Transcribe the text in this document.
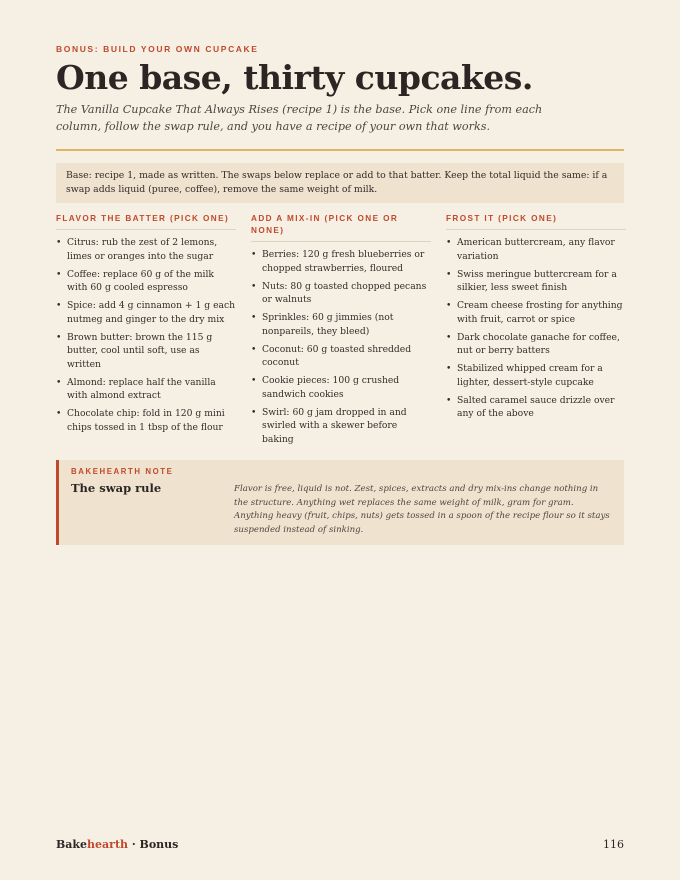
BONUS: BUILD YOUR OWN CUPCAKE
One base, thirty cupcakes.
The Vanilla Cupcake That Always Rises (recipe 1) is the base. Pick one line from each column, follow the swap rule, and you have a recipe of your own that works.
Base: recipe 1, made as written. The swaps below replace or add to that batter. Keep the total liquid the same: if a swap adds liquid (puree, coffee), remove the same weight of milk.
FLAVOR THE BATTER (PICK ONE)
• Citrus: rub the zest of 2 lemons, limes or oranges into the sugar
• Coffee: replace 60 g of the milk with 60 g cooled espresso
• Spice: add 4 g cinnamon + 1 g each nutmeg and ginger to the dry mix
• Brown butter: brown the 115 g butter, cool until soft, use as written
• Almond: replace half the vanilla with almond extract
• Chocolate chip: fold in 120 g mini chips tossed in 1 tbsp of the flour
ADD A MIX-IN (PICK ONE OR NONE)
• Berries: 120 g fresh blueberries or chopped strawberries, floured
• Nuts: 80 g toasted chopped pecans or walnuts
• Sprinkles: 60 g jimmies (not nonpareils, they bleed)
• Coconut: 60 g toasted shredded coconut
• Cookie pieces: 100 g crushed sandwich cookies
• Swirl: 60 g jam dropped in and swirled with a skewer before baking
FROST IT (PICK ONE)
• American buttercream, any flavor variation
• Swiss meringue buttercream for a silkier, less sweet finish
• Cream cheese frosting for anything with fruit, carrot or spice
• Dark chocolate ganache for coffee, nut or berry batters
• Stabilized whipped cream for a lighter, dessert-style cupcake
• Salted caramel sauce drizzle over any of the above
BAKEHEARTH NOTE
The swap rule	Flavor is free, liquid is not. Zest, spices, extracts and dry mix-ins change nothing in the structure. Anything wet replaces the same weight of milk, gram for gram. Anything heavy (fruit, chips, nuts) gets tossed in a spoon of the recipe flour so it stays suspended instead of sinking.
Bakehearth · Bonus	116
